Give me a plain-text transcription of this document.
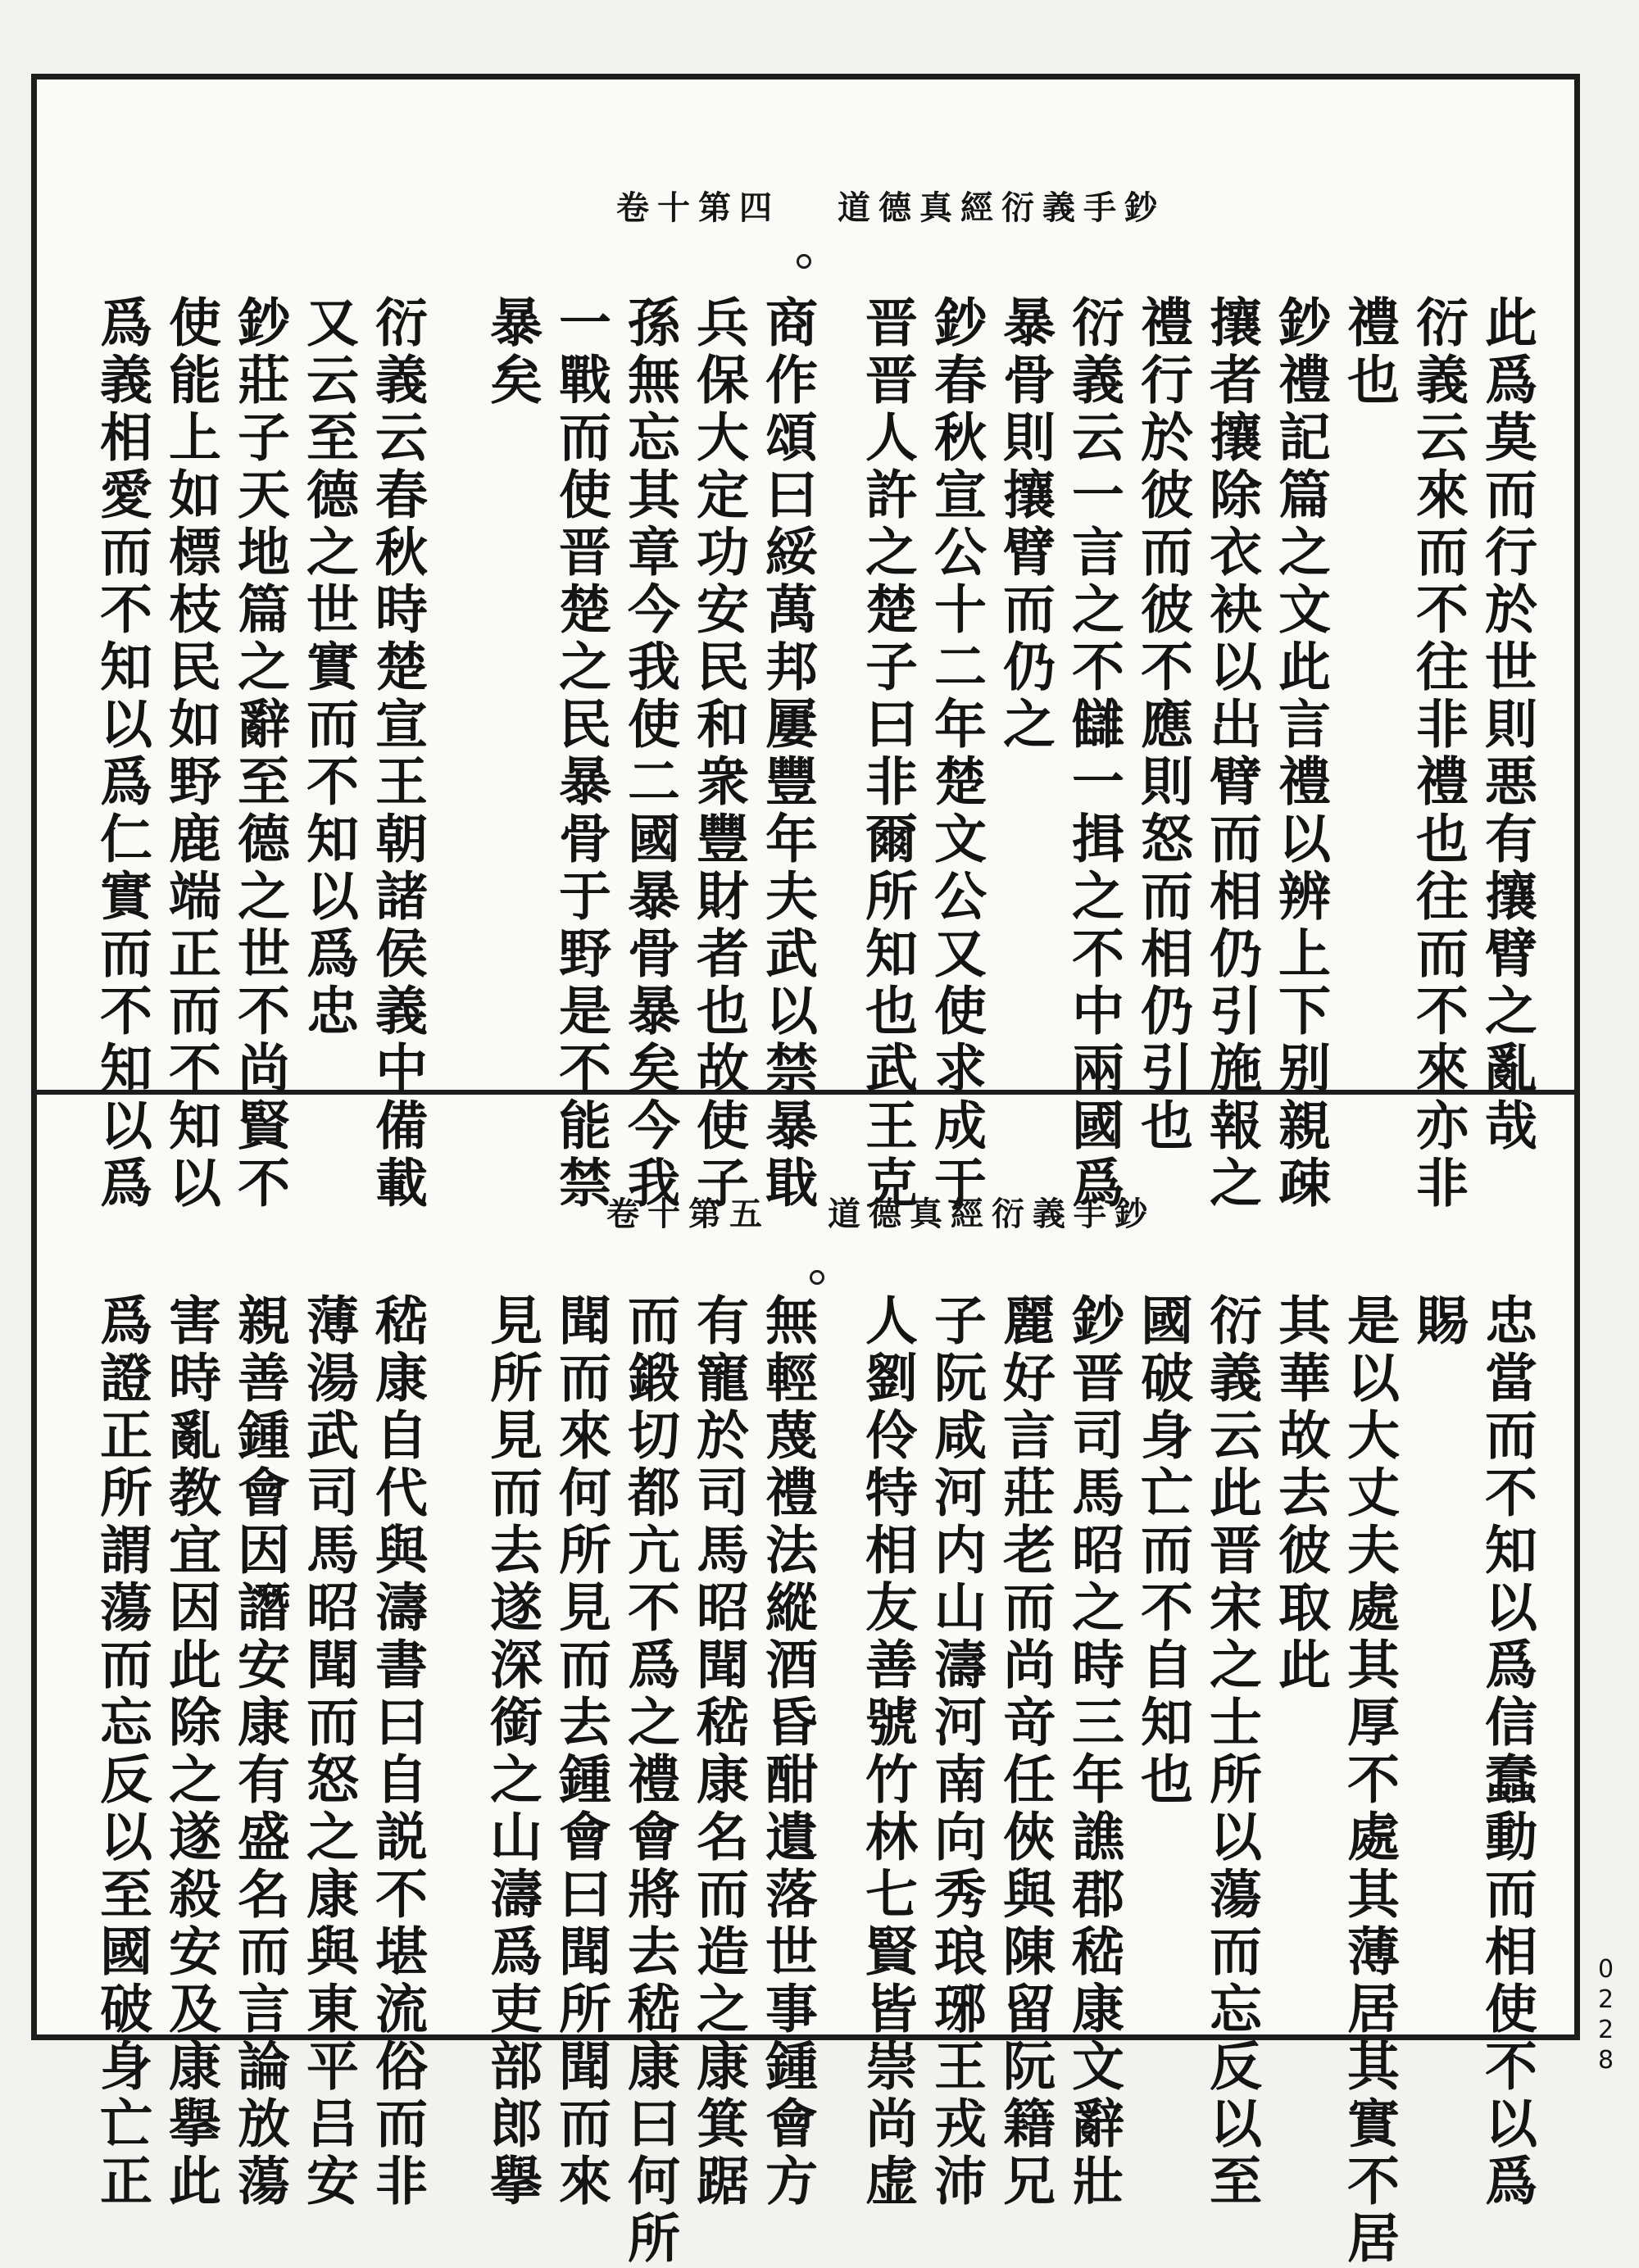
卷十第四 道德真經衍義手鈔
卷十第五 道德真經衍義手鈔
此爲莫而行於世則悪有攘臂之亂哉
衍義云來而不往非禮也往而不來亦非
禮也
鈔禮記篇之文此言禮以辨上下别親疎
攘者攘除衣袂以出臂而相仍引施報之
禮行於彼而彼不應則怒而相仍引也
衍義云一言之不讎一揖之不中兩國爲
暴骨則攘臂而仍之
鈔春秋宣公十二年楚文公又使求成于
晋晋人許之楚子曰非爾所知也武王克
商作頌曰綏萬邦屢豐年夫武以禁暴戢
兵保大定功安民和衆豐財者也故使子
孫無忘其章今我使二國暴骨暴矣今我
一戰而使晋楚之民暴骨于野是不能禁
暴矣
衍義云春秋時楚宣王朝諸侯義中備載
又云至德之世實而不知以爲忠
鈔莊子天地篇之辭至德之世不尚賢不
使能上如標枝民如野鹿端正而不知以
爲義相愛而不知以爲仁實而不知以爲
忠當而不知以爲信蠢動而相使不以爲
賜
是以大丈夫處其厚不處其薄居其實不居
其華故去彼取此
衍義云此晋宋之士所以蕩而忘反以至
國破身亡而不自知也
鈔晋司馬昭之時三年譙郡嵇康文辭壯
麗好言莊老而尚竒任俠與陳留阮籍兄
子阮咸河内山濤河南向秀琅琊王戎沛
人劉伶特相友善號竹林七賢皆崇尚虚
無輕蔑禮法縱酒昏酣遺落世事鍾會方
有寵於司馬昭聞嵇康名而造之康箕踞
而鍛切都亢不爲之禮會將去嵇康曰何所
聞而來何所見而去鍾會曰聞所聞而來
見所見而去遂深銜之山濤爲吏部郎擧
嵇康自代與濤書曰自説不堪流俗而非
薄湯武司馬昭聞而怒之康與東平吕安
親善鍾會因譖安康有盛名而言論放蕩
害時亂教宜因此除之遂殺安及康擧此
爲證正所謂蕩而忘反以至國破身亡正	0228
